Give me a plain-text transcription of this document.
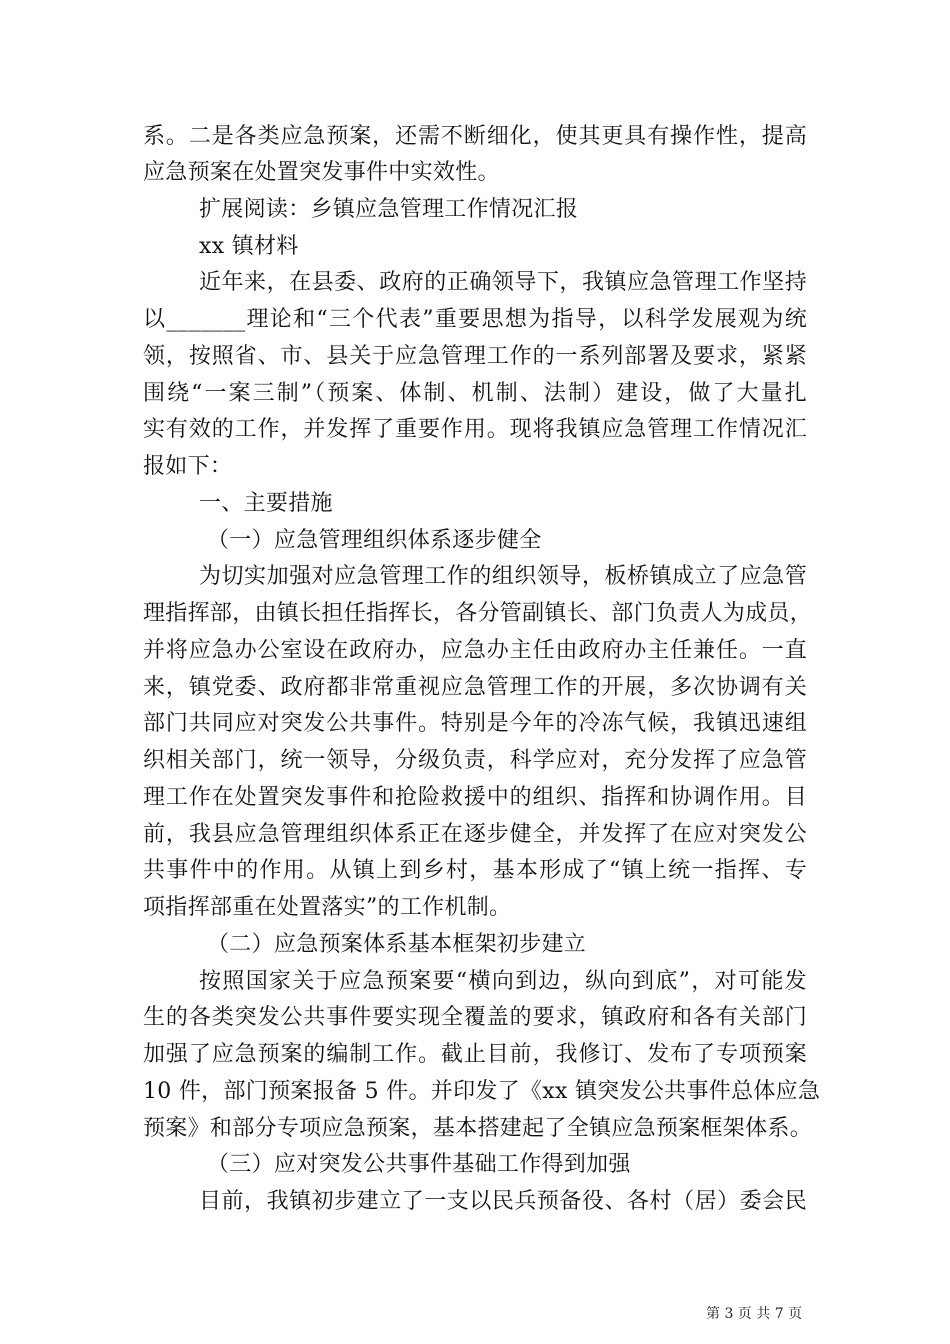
系。二是各类应急预案，还需不断细化，使其更具有操作性，提高
应急预案在处置突发事件中实效性。
扩展阅读：乡镇应急管理工作情况汇报
xx 镇材料
近年来，在县委、政府的正确领导下，我镇应急管理工作坚持
以_______理论和“三个代表”重要思想为指导，以科学发展观为统
领，按照省、市、县关于应急管理工作的一系列部署及要求，紧紧
围绕“一案三制”（预案、体制、机制、法制）建设，做了大量扎
实有效的工作，并发挥了重要作用。现将我镇应急管理工作情况汇
报如下：
一、主要措施
（一）应急管理组织体系逐步健全
为切实加强对应急管理工作的组织领导，板桥镇成立了应急管
理指挥部，由镇长担任指挥长，各分管副镇长、部门负责人为成员，
并将应急办公室设在政府办，应急办主任由政府办主任兼任。一直
来，镇党委、政府都非常重视应急管理工作的开展，多次协调有关
部门共同应对突发公共事件。特别是今年的冷冻气候，我镇迅速组
织相关部门，统一领导，分级负责，科学应对，充分发挥了应急管
理工作在处置突发事件和抢险救援中的组织、指挥和协调作用。目
前，我县应急管理组织体系正在逐步健全，并发挥了在应对突发公
共事件中的作用。从镇上到乡村，基本形成了“镇上统一指挥、专
项指挥部重在处置落实”的工作机制。
（二）应急预案体系基本框架初步建立
按照国家关于应急预案要“横向到边，纵向到底”，对可能发
生的各类突发公共事件要实现全覆盖的要求，镇政府和各有关部门
加强了应急预案的编制工作。截止目前，我修订、发布了专项预案
10 件，部门预案报备 5 件。并印发了《xx 镇突发公共事件总体应急
预案》和部分专项应急预案，基本搭建起了全镇应急预案框架体系。
（三）应对突发公共事件基础工作得到加强
目前，我镇初步建立了一支以民兵预备役、各村（居）委会民
第 3 页 共 7 页
